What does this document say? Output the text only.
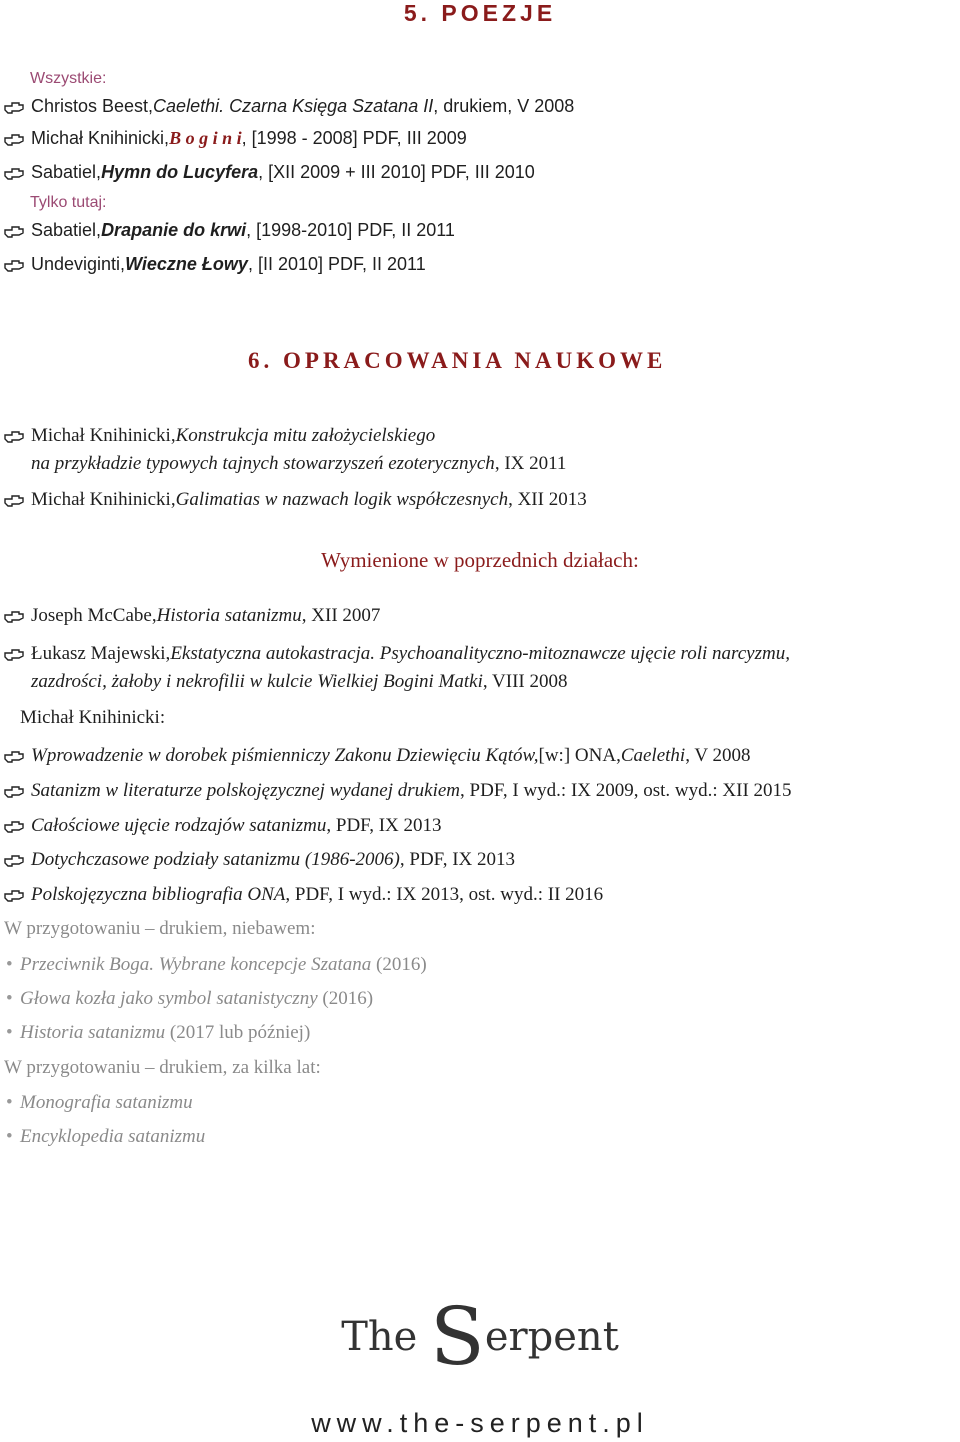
5. POEZJE
Wszystkie:
Christos Beest, Caelethi. Czarna Księga Szatana II , drukiem, V 2008
Michał Knihinicki, B o g i n i , [1998 - 2008] PDF, III 2009
Sabatiel, Hymn do Lucyfera , [XII 2009 + III 2010] PDF, III 2010
Tylko tutaj:
Sabatiel, Drapanie do krwi , [1998-2010] PDF, II 2011
Undeviginti, Wieczne Łowy , [II 2010] PDF, II 2011
6. OPRACOWANIA NAUKOWE
Michał Knihinicki, Konstrukcja mitu założycielskiego
na przykładzie typowych tajnych stowarzyszeń ezoterycznych, IX 2011
Michał Knihinicki, Galimatias w nazwach logik współczesnych , XII 2013
Wymienione w poprzednich działach:
Joseph McCabe, Historia satanizmu , XII 2007
Łukasz Majewski, Ekstatyczna autokastracja. Psychoanalityczno-mitoznawcze ujęcie roli narcyzmu,
zazdrości, żałoby i nekrofilii w kulcie Wielkiej Bogini Matki, VIII 2008
Michał Knihinicki:
Wprowadzenie w dorobek piśmienniczy Zakonu Dziewięciu Kątów, [w:] ONA, Caelethi , V 2008
Satanizm w literaturze polskojęzycznej wydanej drukiem , PDF, I wyd.: IX 2009, ost. wyd.: XII 2015
Całościowe ujęcie rodzajów satanizmu , PDF, IX 2013
Dotychczasowe podziały satanizmu (1986-2006) , PDF, IX 2013
Polskojęzyczna bibliografia ONA , PDF, I wyd.: IX 2013, ost. wyd.: II 2016
W przygotowaniu – drukiem, niebawem:
• Przeciwnik Boga. Wybrane koncepcje Szatana (2016)
• Głowa kozła jako symbol satanistyczny (2016)
• Historia satanizmu (2017 lub później)
W przygotowaniu – drukiem, za kilka lat:
• Monografia satanizmu
• Encyklopedia satanizmu
The Serpent
www.the-serpent.pl
